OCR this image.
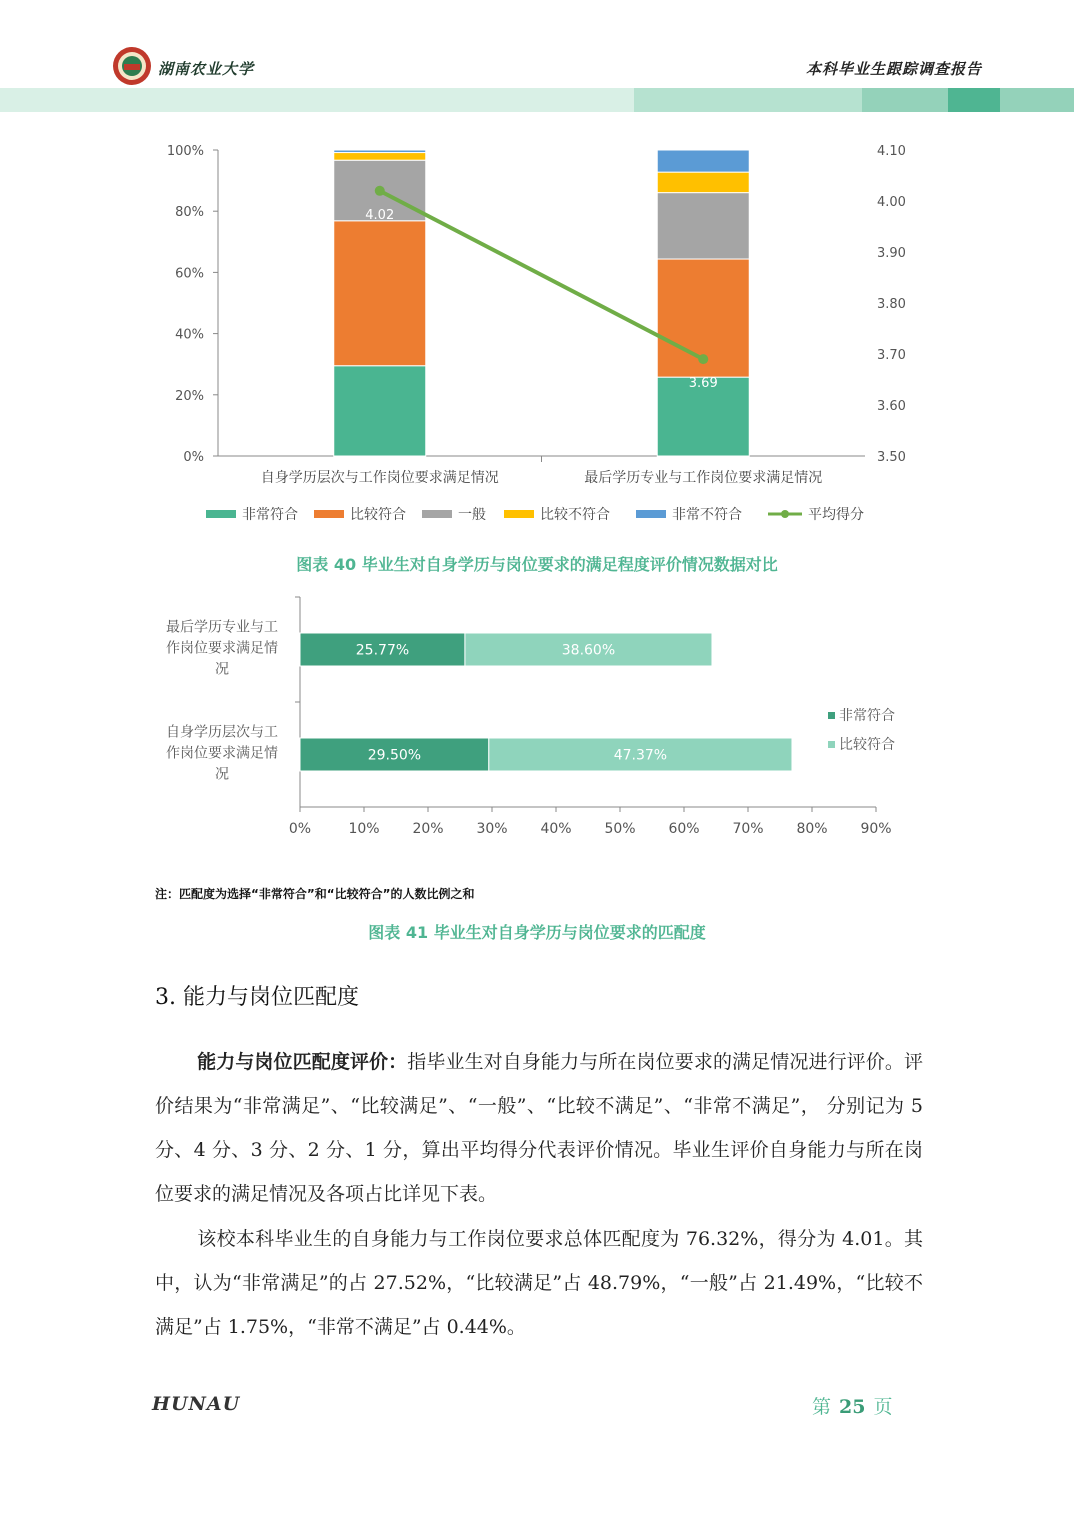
湖南农业大学	本科毕业生跟踪调查报告
0%
20%
40%
60%
80%
100%
3.50
3.60
3.70
3.80
3.90
4.00
4.10
自身学历层次与工作岗位要求满足情况	最后学历专业与工作岗位要求满足情况
4.02
3.69
非常符合	比较符合	一般	比较不符合	非常不符合	平均得分
图表 40 毕业生对自身学历与岗位要求的满足程度评价情况数据对比
0%	10% 20% 30% 40% 50% 60% 70% 80% 90%
最后学历专业与工
作岗位要求满足情
况
25.77%	38.60%
自身学历层次与工
作岗位要求满足情
况
29.50%	47.37%
非常符合
比较符合
注：匹配度为选择“非常符合”和“比较符合”的人数比例之和
图表 41 毕业生对自身学历与岗位要求的匹配度
3. 能力与岗位匹配度
能力与岗位匹配度评价：指毕业生对自身能力与所在岗位要求的满足情况进行评价。评价结果为“非常满足”、“比较满足”、“一般”、“比较不满足”、“非常不满足”， 分别记为 5 分、4 分、3 分、2 分、1 分，算出平均得分代表评价情况。毕业生评价自身能力与所在岗位要求的满足情况及各项占比详见下表。
该校本科毕业生的自身能力与工作岗位要求总体匹配度为 76.32%，得分为 4.01。其中，认为“非常满足”的占 27.52%，“比较满足”占 48.79%，“一般”占 21.49%，“比较不满足”占 1.75%，“非常不满足”占 0.44%。
HUNAU	第 25 页
